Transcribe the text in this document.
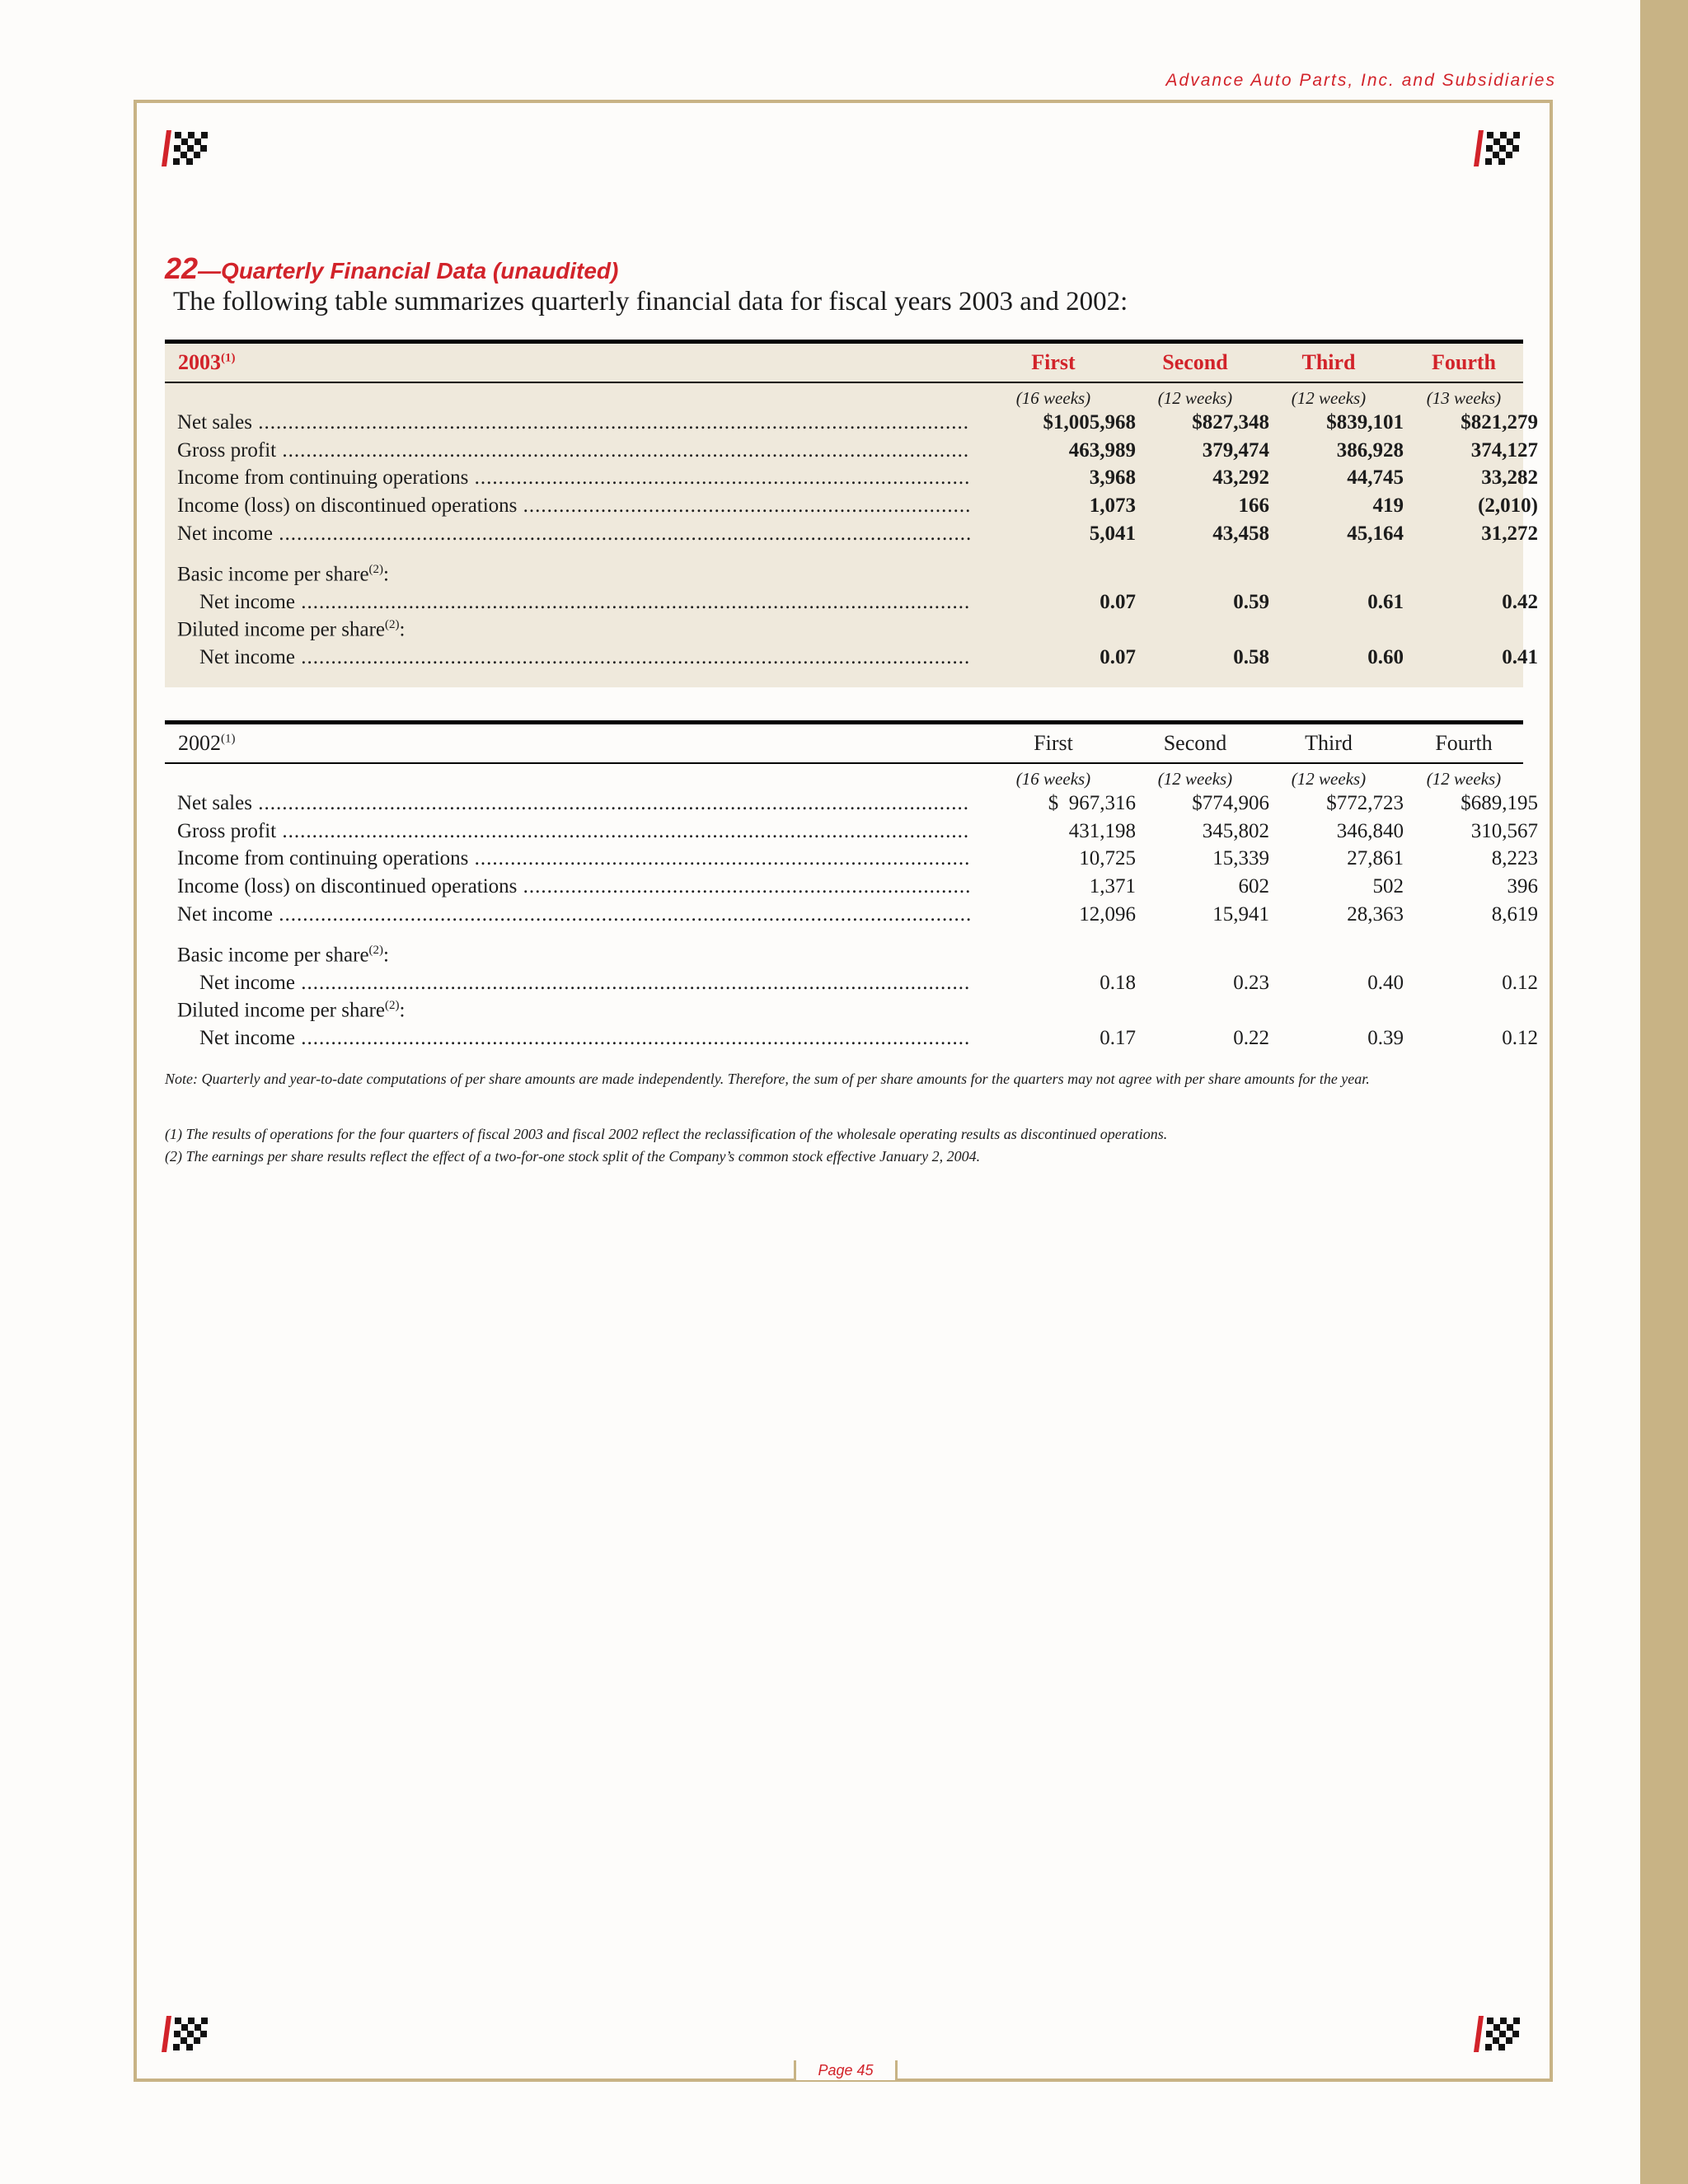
Advance Auto Parts, Inc. and Subsidiaries
22—Quarterly Financial Data (unaudited)
The following table summarizes quarterly financial data for fiscal years 2003 and 2002:
2003$^{(1)}$	First	Second	Third	Fourth
(16 weeks)	(12 weeks)	(12 weeks)	(13 weeks)
Net sales .....	$1,005,968	$827,348	$839,101	$821,279
Gross profit .....	463,989	379,474	386,928	374,127
Income from continuing operations .....	3,968	43,292	44,745	33,282
Income (loss) on discontinued operations .....	1,073	166	419	(2,010)
Net income .....	5,041	43,458	45,164	31,272
Basic income per share$^{(2)}$:
Net income .....	0.07	0.59	0.61	0.42
Diluted income per share$^{(2)}$:
Net income .....	0.07	0.58	0.60	0.41
2002$^{(1)}$	First	Second	Third	Fourth
(16 weeks)	(12 weeks)	(12 weeks)	(12 weeks)
Net sales .....	$  967,316	$774,906	$772,723	$689,195
Gross profit .....	431,198	345,802	346,840	310,567
Income from continuing operations .....	10,725	15,339	27,861	8,223
Income (loss) on discontinued operations .....	1,371	602	502	396
Net income .....	12,096	15,941	28,363	8,619
Basic income per share$^{(2)}$:
Net income .....	0.18	0.23	0.40	0.12
Diluted income per share$^{(2)}$:
Net income .....	0.17	0.22	0.39	0.12
Note: Quarterly and year-to-date computations of per share amounts are made independently. Therefore, the sum of per share amounts for the quarters may not agree with per share amounts for the year.
(1) The results of operations for the four quarters of fiscal 2003 and fiscal 2002 reflect the reclassification of the wholesale operating results as discontinued operations.
(2) The earnings per share results reflect the effect of a two-for-one stock split of the Company’s common stock effective January 2, 2004.
Page 45
